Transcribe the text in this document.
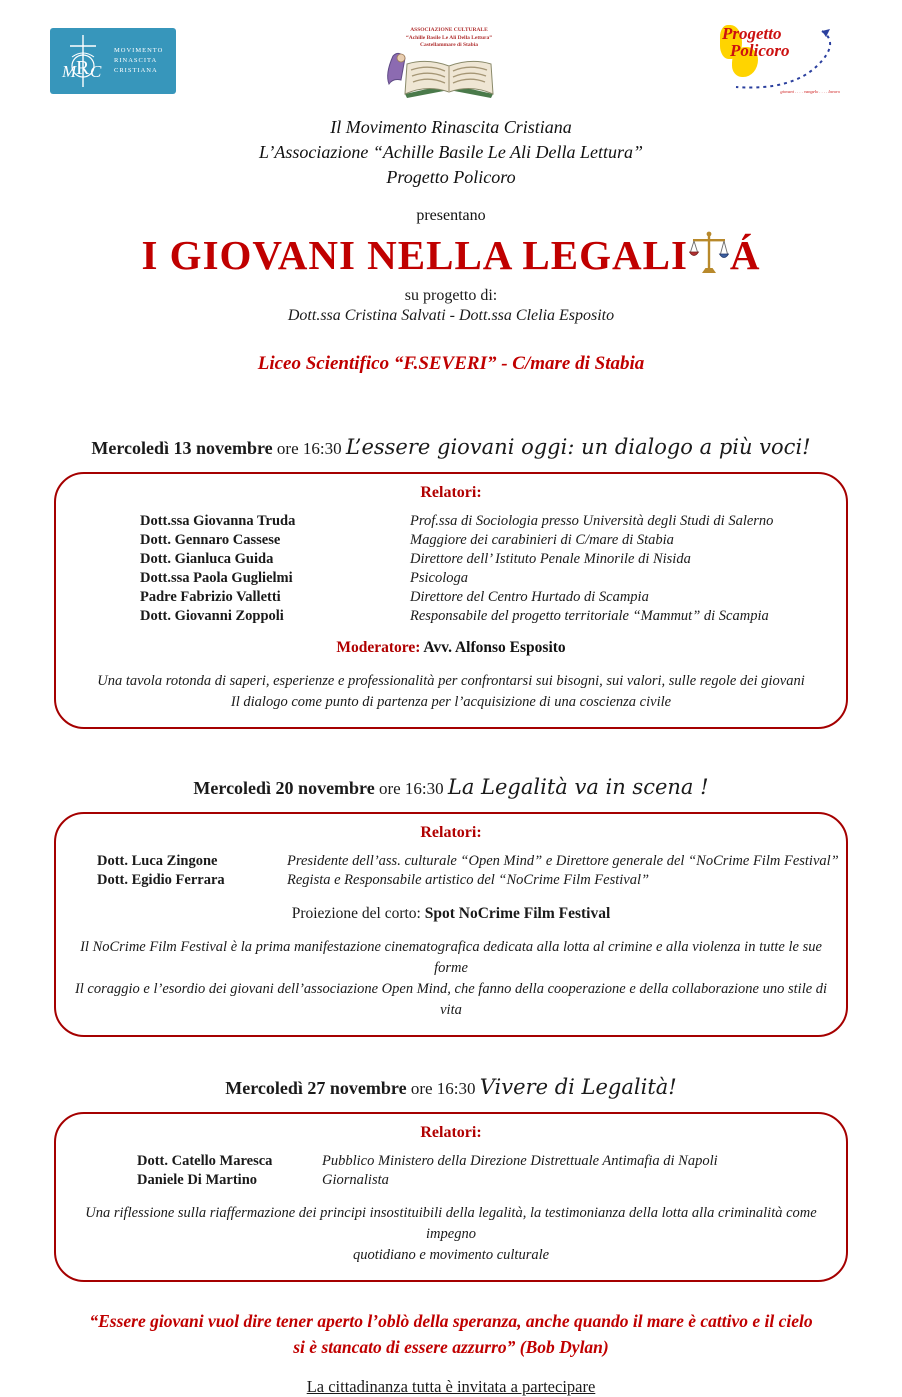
M R C
MOVIMENTO
RINASCITA
CRISTIANA
ASSOCIAZIONE CULTURALE
“Achille Basile Le Ali Della Lettura”
Castellammare di Stabia
Progetto
Policoro
giovani . . . . vangelo . . . . lavoro
Il Movimento Rinascita Cristiana
L’Associazione “Achille Basile Le Ali Della Lettura”
Progetto Policoro
presentano
I GIOVANI NELLA LEGALI Á
su progetto di:
Dott.ssa Cristina Salvati - Dott.ssa Clelia Esposito
Liceo Scientifico “F.SEVERI” - C/mare di Stabia
Mercoledì 13 novembre ore 16:30 L’essere giovani oggi: un dialogo a più voci!
Relatori:
Dott.ssa Giovanna Truda	Prof.ssa di Sociologia presso Università degli Studi di Salerno
Dott. Gennaro Cassese	Maggiore dei carabinieri di C/mare di Stabia
Dott. Gianluca Guida	Direttore dell’ Istituto Penale Minorile di Nisida
Dott.ssa Paola Guglielmi	Psicologa
Padre Fabrizio Valletti	Direttore del Centro Hurtado di Scampia
Dott. Giovanni Zoppoli	Responsabile del progetto territoriale “Mammut” di Scampia
Moderatore: Avv. Alfonso Esposito
Una tavola rotonda di saperi, esperienze e professionalità per confrontarsi sui bisogni, sui valori, sulle regole dei giovani
Il dialogo come punto di partenza per l’acquisizione di una coscienza civile
Mercoledì 20 novembre ore 16:30 La Legalità va in scena !
Relatori:
Dott. Luca Zingone	Presidente dell’ass. culturale “Open Mind” e Direttore generale del “NoCrime Film Festival”
Dott. Egidio Ferrara	Regista e Responsabile artistico del “NoCrime Film Festival”
Proiezione del corto: Spot NoCrime Film Festival
Il NoCrime Film Festival è la prima manifestazione cinematografica dedicata alla lotta al crimine e alla violenza in tutte le sue forme
Il coraggio e l’esordio dei giovani dell’associazione Open Mind, che fanno della cooperazione e della collaborazione uno stile di vita
Mercoledì 27 novembre ore 16:30 Vivere di Legalità!
Relatori:
Dott. Catello Maresca	Pubblico Ministero della Direzione Distrettuale Antimafia di Napoli
Daniele Di Martino	Giornalista
Una riflessione sulla riaffermazione dei principi insostituibili della legalità, la testimonianza della lotta alla criminalità come impegno
quotidiano e movimento culturale
“Essere giovani vuol dire tener aperto l’oblò della speranza, anche quando il mare è cattivo e il cielo
si è stancato di essere azzurro” (Bob Dylan)
La cittadinanza tutta è invitata a partecipare
